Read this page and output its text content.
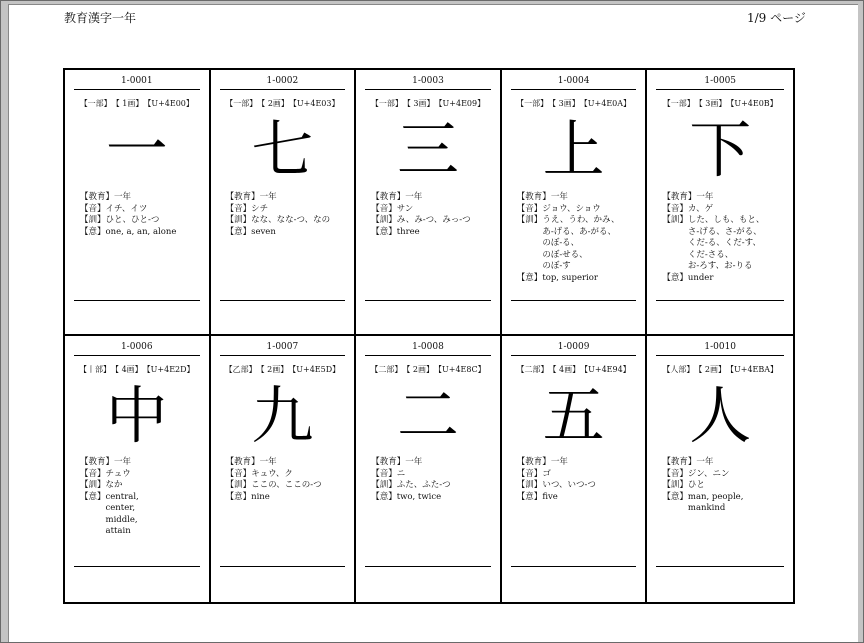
教育漢字一年	1/9 ページ
1-0001
【一部】 【 1画】 【U+4E00】
一
【教育】 一年
【音】 イチ、イツ
【訓】 ひと、ひと-つ
【意】 one, a, an, alone
1-0002
【一部】 【 2画】 【U+4E03】
七
【教育】 一年
【音】 シチ
【訓】 なな、なな-つ、なの
【意】 seven
1-0003
【一部】 【 3画】 【U+4E09】
三
【教育】 一年
【音】 サン
【訓】 み、み-つ、みっ-つ
【意】 three
1-0004
【一部】 【 3画】 【U+4E0A】
上
【教育】 一年
【音】 ジョウ、ショウ
【訓】 うえ、うわ、かみ、
あ-げる、あ-がる、
のぼ-る、
のぼ-せる、
のぼ-す
【意】 top, superior
1-0005
【一部】 【 3画】 【U+4E0B】
下
【教育】 一年
【音】 カ、ゲ
【訓】 した、しも、もと、
さ-げる、さ-がる、
くだ-る、くだ-す、
くだ-さる、
お-ろす、お-りる
【意】 under
1-0006
【丨部】 【 4画】 【U+4E2D】
中
【教育】 一年
【音】 チュウ
【訓】 なか
【意】 central,
center,
middle,
attain
1-0007
【乙部】 【 2画】 【U+4E5D】
九
【教育】 一年
【音】 キュウ、ク
【訓】 ここの、ここの-つ
【意】 nine
1-0008
【二部】 【 2画】 【U+4E8C】
二
【教育】 一年
【音】 ニ
【訓】 ふた、ふた-つ
【意】 two, twice
1-0009
【二部】 【 4画】 【U+4E94】
五
【教育】 一年
【音】 ゴ
【訓】 いつ、いつ-つ
【意】 five
1-0010
【人部】 【 2画】 【U+4EBA】
人
【教育】 一年
【音】 ジン、ニン
【訓】 ひと
【意】 man, people,
mankind
